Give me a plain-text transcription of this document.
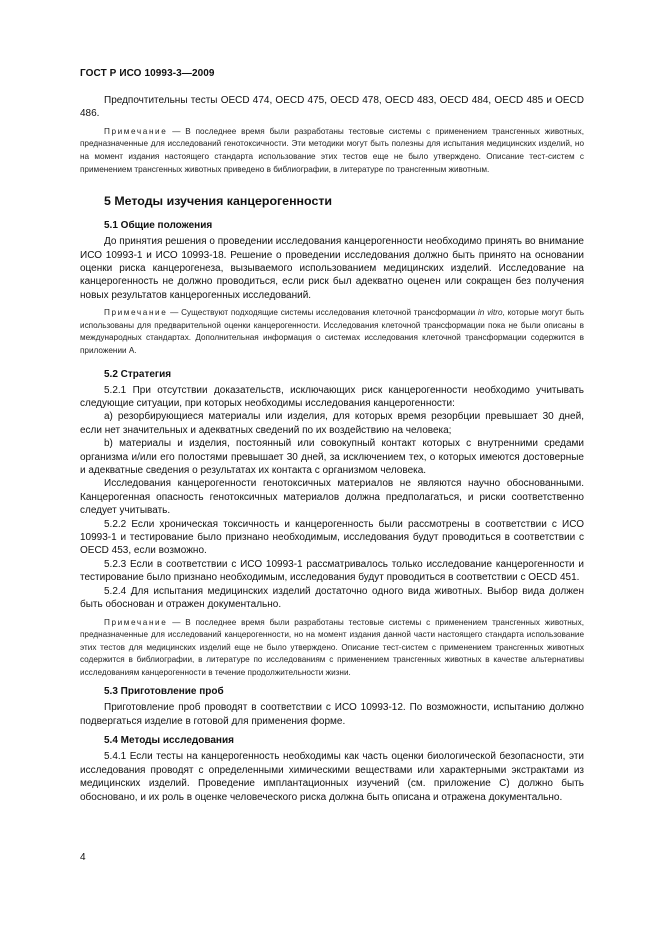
ГОСТ Р ИСО 10993-3—2009

Предпочтительны тесты OECD 474, OECD 475, OECD 478, OECD 483, OECD 484, OECD 485 и OECD 486.

Примечание — В последнее время были разработаны тестовые системы с применением трансгенных животных, предназначенные для исследований генотоксичности. Эти методики могут быть полезны для испытания медицинских изделий, но на момент издания настоящего стандарта использование этих тестов еще не было утверждено. Описание тест-систем с применением трансгенных животных приведено в библиографии, в литературе по трансгенным животным.

5 Методы изучения канцерогенности

5.1 Общие положения

До принятия решения о проведении исследования канцерогенности необходимо принять во внимание ИСО 10993-1 и ИСО 10993-18. Решение о проведении исследования должно быть принято на основании оценки риска канцерогенеза, вызываемого использованием медицинских изделий. Исследование на канцерогенность не должно проводиться, если риск был адекватно оценен или сокращен без получения новых результатов канцерогенных исследований.

Примечание — Существуют подходящие системы исследования клеточной трансформации in vitro, которые могут быть использованы для предварительной оценки канцерогенности. Исследования клеточной трансформации пока не были описаны в международных стандартах. Дополнительная информация о системах исследования клеточной трансформации содержится в приложении А.

5.2 Стратегия

5.2.1 При отсутствии доказательств, исключающих риск канцерогенности необходимо учитывать следующие ситуации, при которых необходимы исследования канцерогенности:

a) резорбирующиеся материалы или изделия, для которых время резорбции превышает 30 дней, если нет значительных и адекватных сведений по их воздействию на человека;

b) материалы и изделия, постоянный или совокупный контакт которых с внутренними средами организма и/или его полостями превышает 30 дней, за исключением тех, о которых имеются достоверные и адекватные сведения о результатах их контакта с организмом человека.

Исследования канцерогенности генотоксичных материалов не являются научно обоснованными. Канцерогенная опасность генотоксичных материалов должна предполагаться, и риски соответственно следует учитывать.

5.2.2 Если хроническая токсичность и канцерогенность были рассмотрены в соответствии с ИСО 10993-1 и тестирование было признано необходимым, исследования будут проводиться в соответствии с OECD 453, если возможно.

5.2.3 Если в соответствии с ИСО 10993-1 рассматривалось только исследование канцерогенности и тестирование было признано необходимым, исследования будут проводиться в соответствии с OECD 451.

5.2.4 Для испытания медицинских изделий достаточно одного вида животных. Выбор вида должен быть обоснован и отражен документально.

Примечание — В последнее время были разработаны тестовые системы с применением трансгенных животных, предназначенные для исследований канцерогенности, но на момент издания данной части настоящего стандарта использование этих тестов для медицинских изделий еще не было утверждено. Описание тест-систем с применением трансгенных животных содержится в библиографии, в литературе по исследованиям с применением трансгенных животных в качестве альтернативы исследованиям канцерогенности в течение продолжительности жизни.

5.3 Приготовление проб

Приготовление проб проводят в соответствии с ИСО 10993-12. По возможности, испытанию должно подвергаться изделие в готовой для применения форме.

5.4 Методы исследования

5.4.1 Если тесты на канцерогенность необходимы как часть оценки биологической безопасности, эти исследования проводят с определенными химическими веществами или характерными экстрактами из медицинских изделий. Проведение имплантационных изучений (см. приложение С) должно быть обосновано, и их роль в оценке человеческого риска должна быть описана и отражена документально.

4
